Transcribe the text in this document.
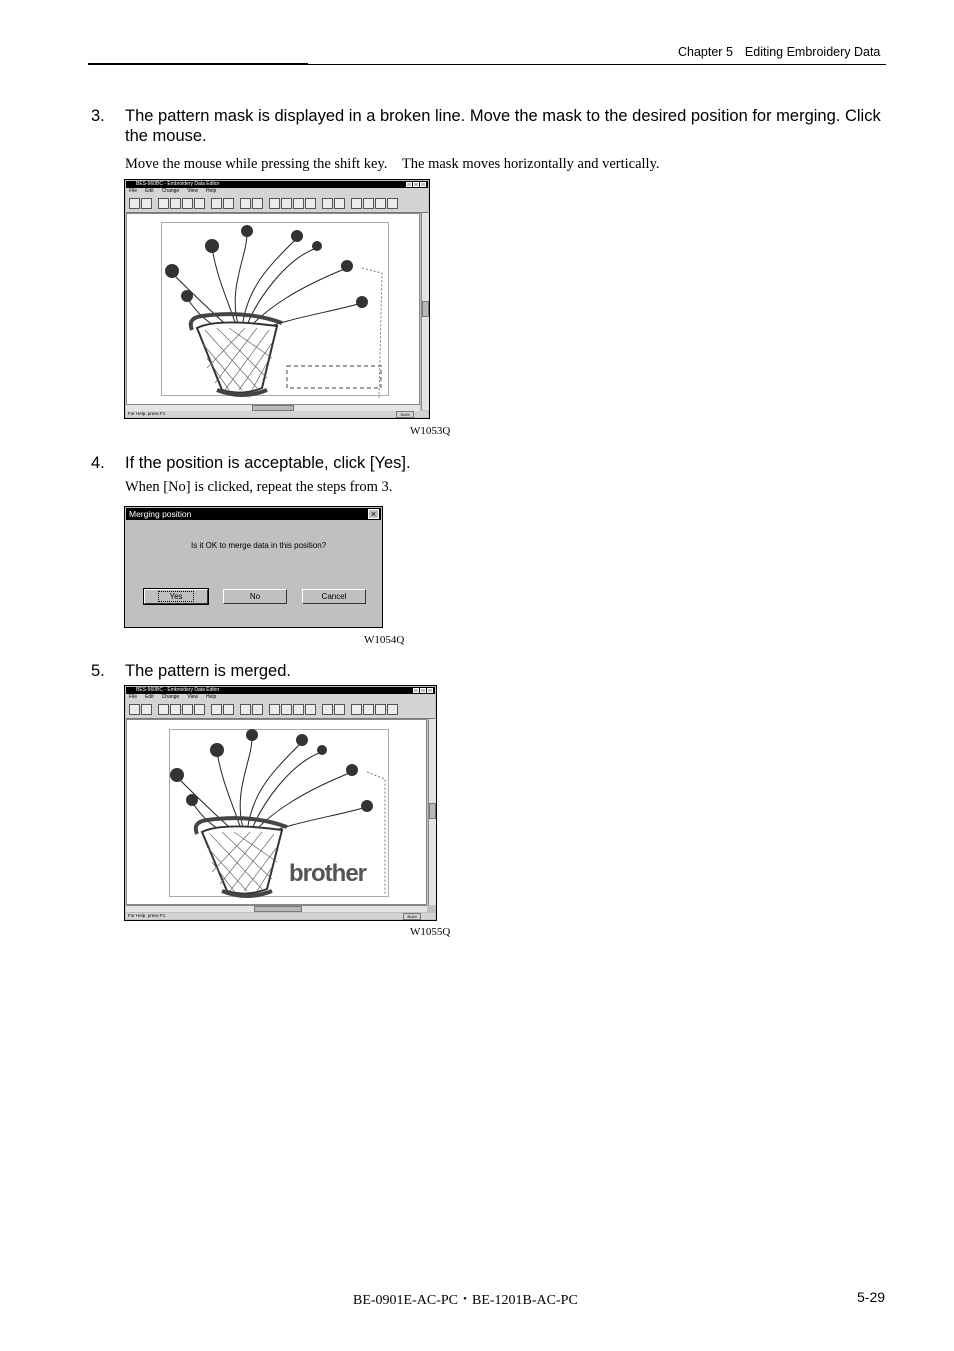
Chapter 5 Editing Embroidery Data
3. The pattern mask is displayed in a broken line. Move the mask to the desired position for merging. Click the mouse.
Move the mouse while pressing the shift key.　The mask moves horizontally and vertically.
BES-960BC - Embroidery Data Editor
File Edit Change View Help
For Help, press F1	NUM
W1053Q
4. If the position is acceptable, click [Yes].
When [No] is clicked, repeat the steps from 3.
Merging position	×
Is it OK to merge data in this position?
Yes	No	Cancel
W1054Q
5. The pattern is merged.
BES-960BC - Embroidery Data Editor
File Edit Change View Help
brother
For Help, press F1	NUM
W1055Q
BE-0901E-AC-PC・BE-1201B-AC-PC	5-29
